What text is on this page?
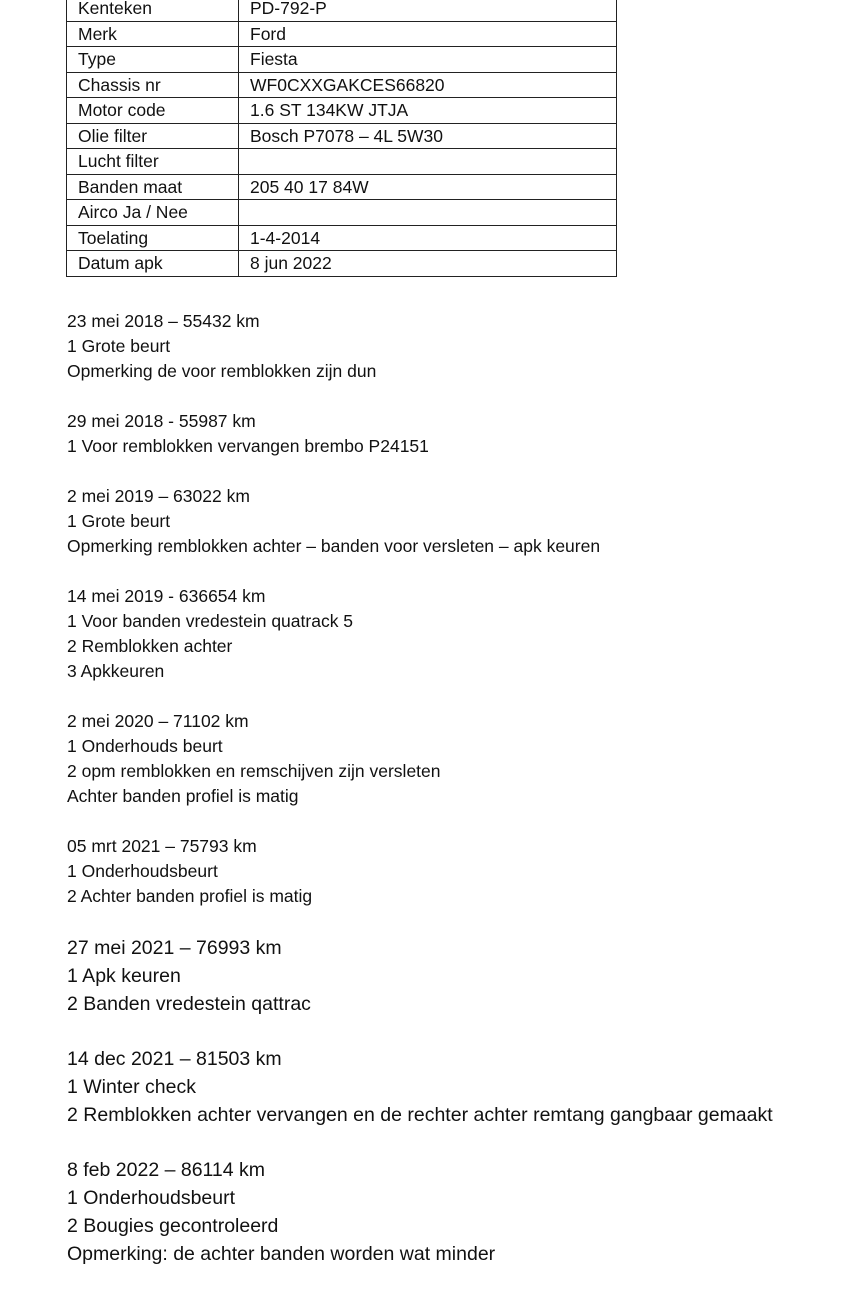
Kenteken	PD-792-P
Merk	Ford
Type	Fiesta
Chassis nr	WF0CXXGAKCES66820
Motor code	1.6 ST 134KW JTJA
Olie filter	Bosch P7078 – 4L 5W30
Lucht filter	
Banden maat	205 40 17 84W
Airco Ja / Nee	
Toelating	1-4-2014
Datum apk	8 jun 2022
23 mei 2018 – 55432 km
1 Grote beurt
Opmerking de voor remblokken zijn dun
29 mei 2018 - 55987 km
1 Voor remblokken vervangen brembo P24151
2 mei 2019 – 63022 km
1 Grote beurt
Opmerking remblokken achter – banden voor versleten – apk keuren
14 mei 2019 - 636654 km
1 Voor banden vredestein quatrack 5
2 Remblokken achter
3 Apkkeuren
2 mei 2020 – 71102 km
1 Onderhouds beurt
2 opm remblokken en remschijven zijn versleten
Achter banden profiel is matig
05 mrt 2021 – 75793 km
1 Onderhoudsbeurt
2 Achter banden profiel is matig
27 mei 2021 – 76993 km
1 Apk keuren
2 Banden vredestein qattrac
14 dec 2021 – 81503 km
1 Winter check
2 Remblokken achter vervangen en de rechter achter remtang gangbaar gemaakt
8 feb 2022 – 86114 km
1 Onderhoudsbeurt
2 Bougies gecontroleerd
Opmerking: de achter banden worden wat minder
